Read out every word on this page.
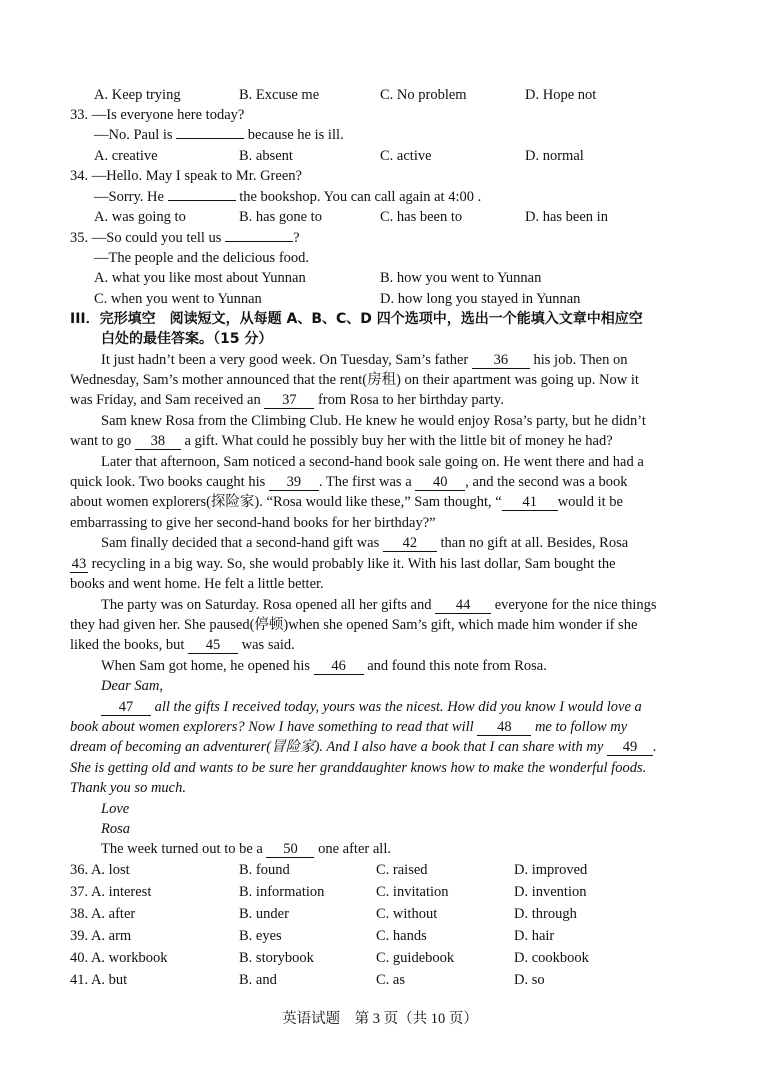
A. Keep trying	B. Excuse me	C. No problem	D. Hope not
33. —Is everyone here today?
—No. Paul is	because he is ill.
A. creative	B. absent	C. active	D. normal
34. —Hello. May I speak to Mr. Green?
—Sorry. He	the bookshop. You can call again at 4:00 .
A. was going to	B. has gone to	C. has been to	D. has been in
35. —So could you tell us	?
—The people and the delicious food.
A. what you like most about Yunnan	B. how you went to Yunnan
C. when you went to Yunnan	D. how long you stayed in Yunnan
III．完形填空　阅读短文，从每题 A、B、C、D 四个选项中，选出一个能填入文章中相应空
白处的最佳答案。（15 分）
It just hadn’t been a very good week. On Tuesday, Sam’s father 36 his job. Then on
Wednesday, Sam’s mother announced that the rent(房租) on their apartment was going up. Now it
was Friday, and Sam received an 37 from Rosa to her birthday party.
Sam knew Rosa from the Climbing Club. He knew he would enjoy Rosa’s party, but he didn’t
want to go 38 a gift. What could he possibly buy her with the little bit of money he had?
Later that afternoon, Sam noticed a second-hand book sale going on. He went there and had a
quick look. Two books caught his 39 . The first was a 40 , and the second was a book
about women explorers(探险家). “Rosa would like these,” Sam thought, “ 41 would it be
embarrassing to give her second-hand books for her birthday?”
Sam finally decided that a second-hand gift was 42 than no gift at all. Besides, Rosa
43 recycling in a big way. So, she would probably like it. With his last dollar, Sam bought the
books and went home. He felt a little better.
The party was on Saturday. Rosa opened all her gifts and 44 everyone for the nice things
they had given her. She paused(停顿)when she opened Sam’s gift, which made him wonder if she
liked the books, but 45 was said.
When Sam got home, he opened his 46 and found this note from Rosa.
Dear Sam,
47 all the gifts I received today, yours was the nicest. How did you know I would love a
book about women explorers? Now I have something to read that will 48 me to follow my
dream of becoming an adventurer(冒险家). And I also have a book that I can share with my 49 .
She is getting old and wants to be sure her granddaughter knows how to make the wonderful foods.
Thank you so much.
Love
Rosa
The week turned out to be a 50 one after all.
36. A. lost	B. found	C. raised	D. improved
37. A. interest	B. information	C. invitation	D. invention
38. A. after	B. under	C. without	D. through
39. A. arm	B. eyes	C. hands	D. hair
40. A. workbook	B. storybook	C. guidebook	D. cookbook
41. A. but	B. and	C. as	D. so
英语试题　第 3 页（共 10 页）
